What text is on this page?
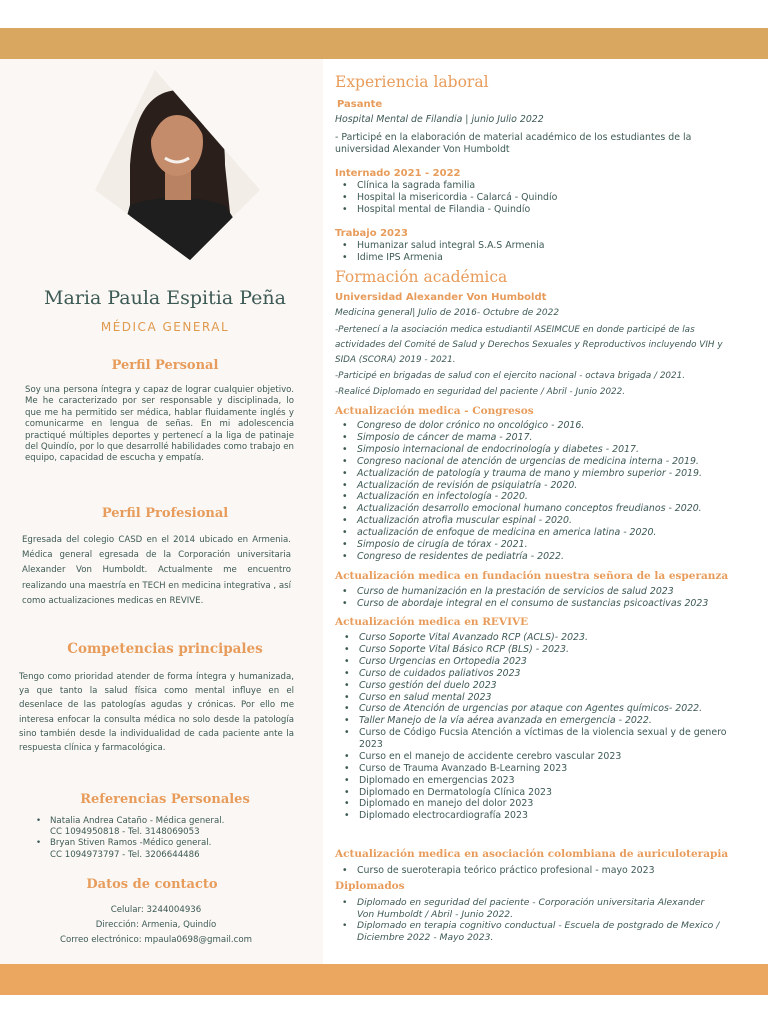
Maria Paula Espitia Peña
MÉDICA GENERAL
Perfil Personal
Soy una persona íntegra y capaz de lograr cualquier objetivo. Me he caracterizado por ser responsable y disciplinada, lo que me ha permitido ser médica, hablar fluidamente inglés y comunicarme en lengua de señas. En mi adolescencia practiqué múltiples deportes y pertenecí a la liga de patinaje del Quindío, por lo que desarrollé habilidades como trabajo en equipo, capacidad de escucha y empatía.
Perfil Profesional
Egresada del colegio CASD en el 2014 ubicado en Armenia. Médica general egresada de la Corporación universitaria Alexander Von Humboldt. Actualmente me encuentro realizando una maestría en TECH en medicina integrativa , así como actualizaciones medicas en REVIVE.
Competencias principales
Tengo como prioridad atender de forma íntegra y humanizada, ya que tanto la salud física como mental influye en el desenlace de las patologías agudas y crónicas. Por ello me interesa enfocar la consulta médica no solo desde la patología sino también desde la individualidad de cada paciente ante la respuesta clínica y farmacológica.
Referencias Personales
• Natalia Andrea Cataño - Médica general.
CC 1094950818 - Tel. 3148069053
• Bryan Stiven Ramos -Médico general.
CC 1094973797 - Tel. 3206644486
Datos de contacto
Celular: 3244004936
Dirección: Armenia, Quindío
Correo electrónico: mpaula0698@gmail.com
Experiencia laboral
Pasante
Hospital Mental de Filandia | junio Julio 2022
- Participé en la elaboración de material académico de los estudiantes de la universidad Alexander Von Humboldt
Internado 2021 - 2022
• Clínica la sagrada familia
• Hospital la misericordia - Calarcá - Quindío
• Hospital mental de Filandia - Quindío
Trabajo 2023
• Humanizar salud integral S.A.S Armenia
• Idime IPS Armenia
Formación académica
Universidad Alexander Von Humboldt
Medicina general| Julio de 2016- Octubre de 2022
-Pertenecí a la asociación medica estudiantil ASEIMCUE en donde participé de las actividades del Comité de Salud y Derechos Sexuales y Reproductivos incluyendo VIH y SIDA (SCORA) 2019 - 2021.
-Participé en brigadas de salud con el ejercito nacional - octava brigada / 2021.
-Realicé Diplomado en seguridad del paciente / Abril - Junio 2022.
Actualización medica - Congresos
• Congreso de dolor crónico no oncológico - 2016.
• Simposio de cáncer de mama - 2017.
• Simposio internacional de endocrinología y diabetes - 2017.
• Congreso nacional de atención de urgencias de medicina interna - 2019.
• Actualización de patología y trauma de mano y miembro superior - 2019.
• Actualización de revisión de psiquiatría - 2020.
• Actualización en infectología - 2020.
• Actualización desarrollo emocional humano conceptos freudianos - 2020.
• Actualización atrofia muscular espinal - 2020.
• actualización de enfoque de medicina en america latina - 2020.
• Simposio de cirugía de tórax - 2021.
• Congreso de residentes de pediatría - 2022.
Actualización medica en fundación nuestra señora de la esperanza
• Curso de humanización en la prestación de servicios de salud 2023
• Curso de abordaje integral en el consumo de sustancias psicoactivas 2023
Actualización medica en REVIVE
• Curso Soporte Vital Avanzado RCP (ACLS)- 2023.
• Curso Soporte Vital Básico RCP (BLS) - 2023.
• Curso Urgencias en Ortopedia 2023
• Curso de cuidados paliativos 2023
• Curso gestión del duelo 2023
• Curso en salud mental 2023
• Curso de Atención de urgencias por ataque con Agentes químicos- 2022.
• Taller Manejo de la vía aérea avanzada en emergencia - 2022.
• Curso de Código Fucsia Atención a víctimas de la violencia sexual y de genero 2023
• Curso en el manejo de accidente cerebro vascular 2023
• Curso de Trauma Avanzado B-Learning 2023
• Diplomado en emergencias 2023
• Diplomado en Dermatología Clínica 2023
• Diplomado en manejo del dolor 2023
• Diplomado electrocardiografía 2023
Actualización medica en asociación colombiana de auriculoterapia
• Curso de sueroterapia teórico práctico profesional - mayo 2023
Diplomados
• Diplomado en seguridad del paciente - Corporación universitaria Alexander Von Humboldt / Abril - Junio 2022.
• Diplomado en terapia cognitivo conductual - Escuela de postgrado de Mexico / Diciembre 2022 - Mayo 2023.
